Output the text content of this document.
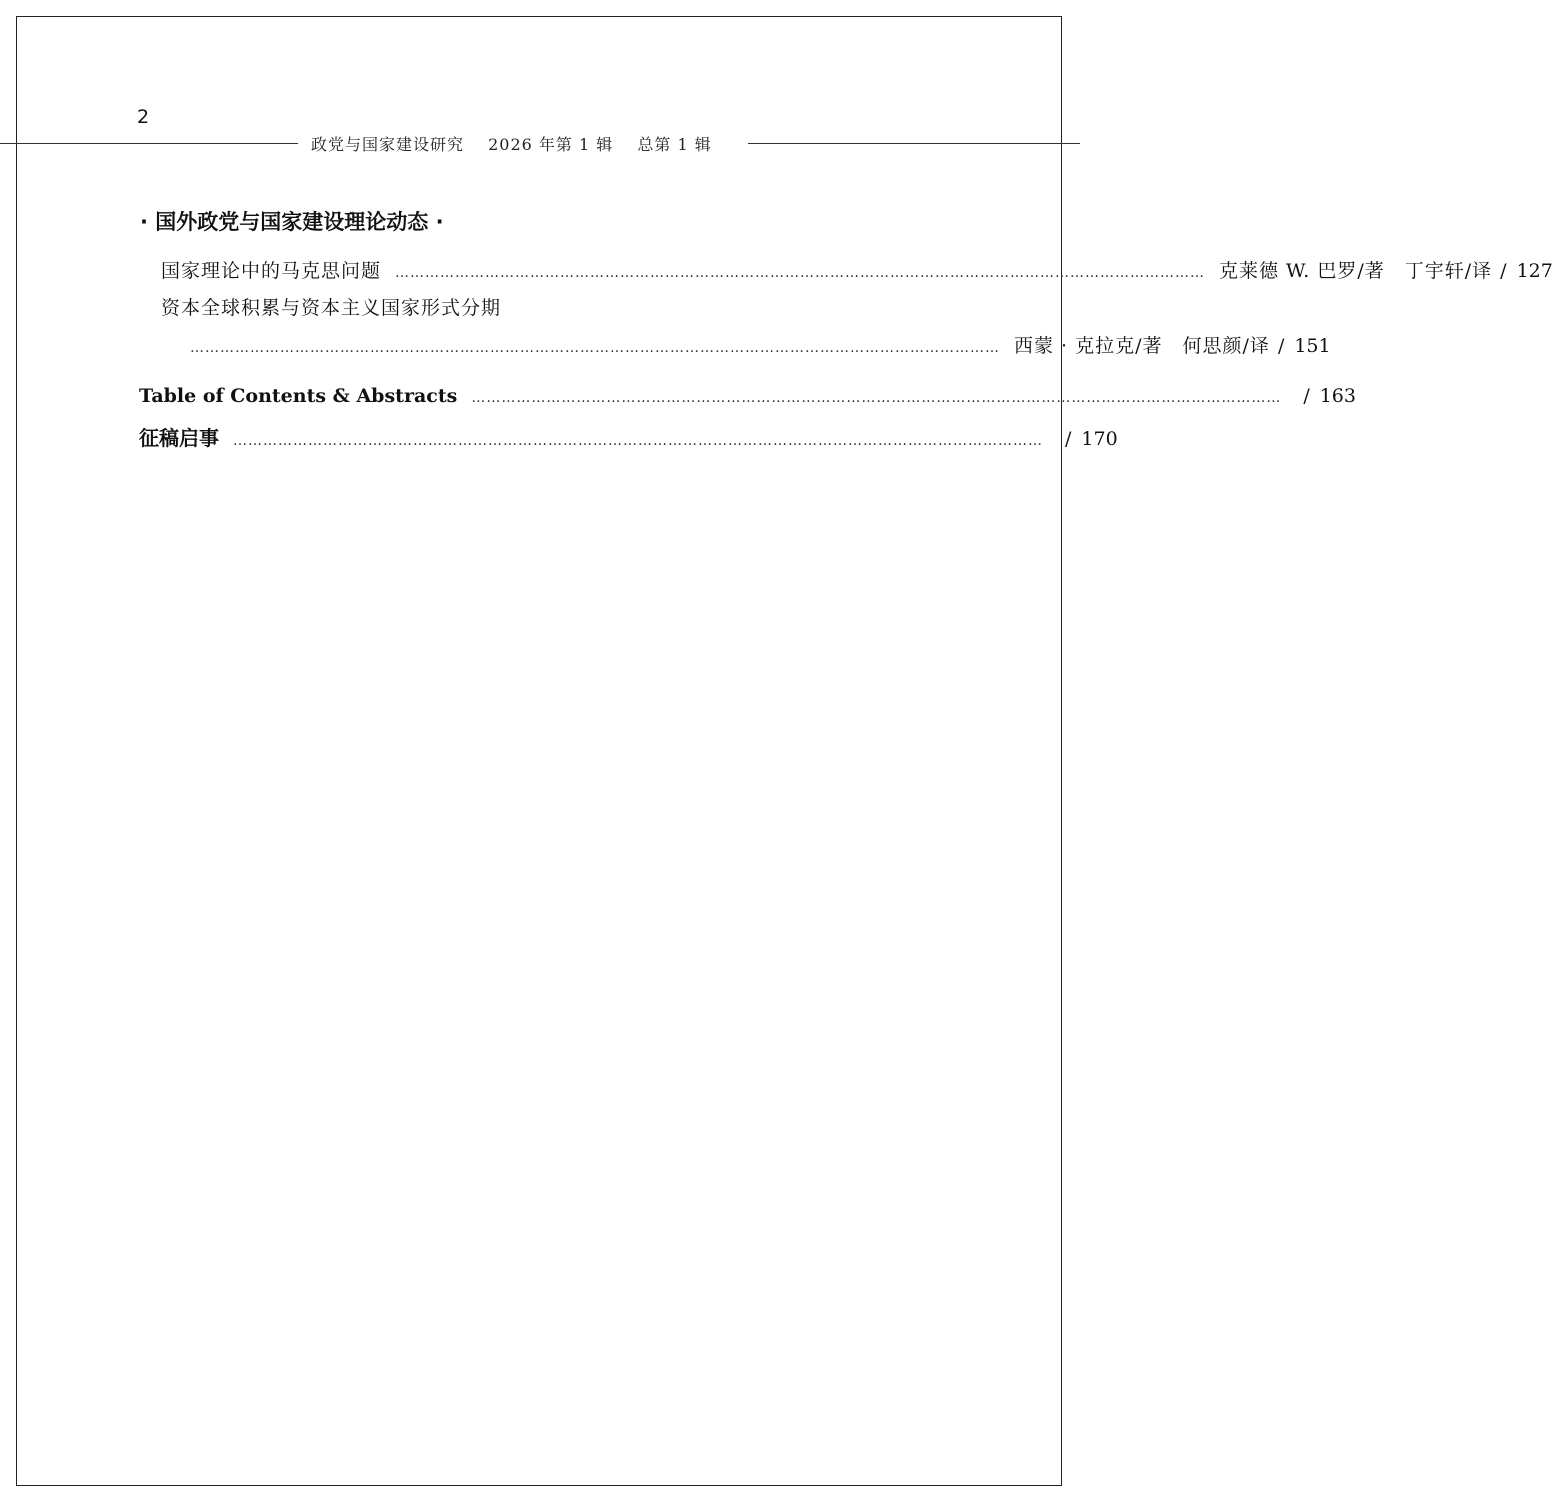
2
政党与国家建设研究 2026 年第 1 辑 总第 1 辑
· 国外政党与国家建设理论动态 ·
国家理论中的马克思问题 ……………………………………………………………………………………………………………………………………………… 克莱德 W. 巴罗/著　丁宇轩/译 / 127
资本全球积累与资本主义国家形式分期
……………………………………………………………………………………………………………………………………………… 西蒙 · 克拉克/著　何思颜/译 / 151
Table of Contents & Abstracts ……………………………………………………………………………………………………………………………………………… / 163
征稿启事 ……………………………………………………………………………………………………………………………………………… / 170
